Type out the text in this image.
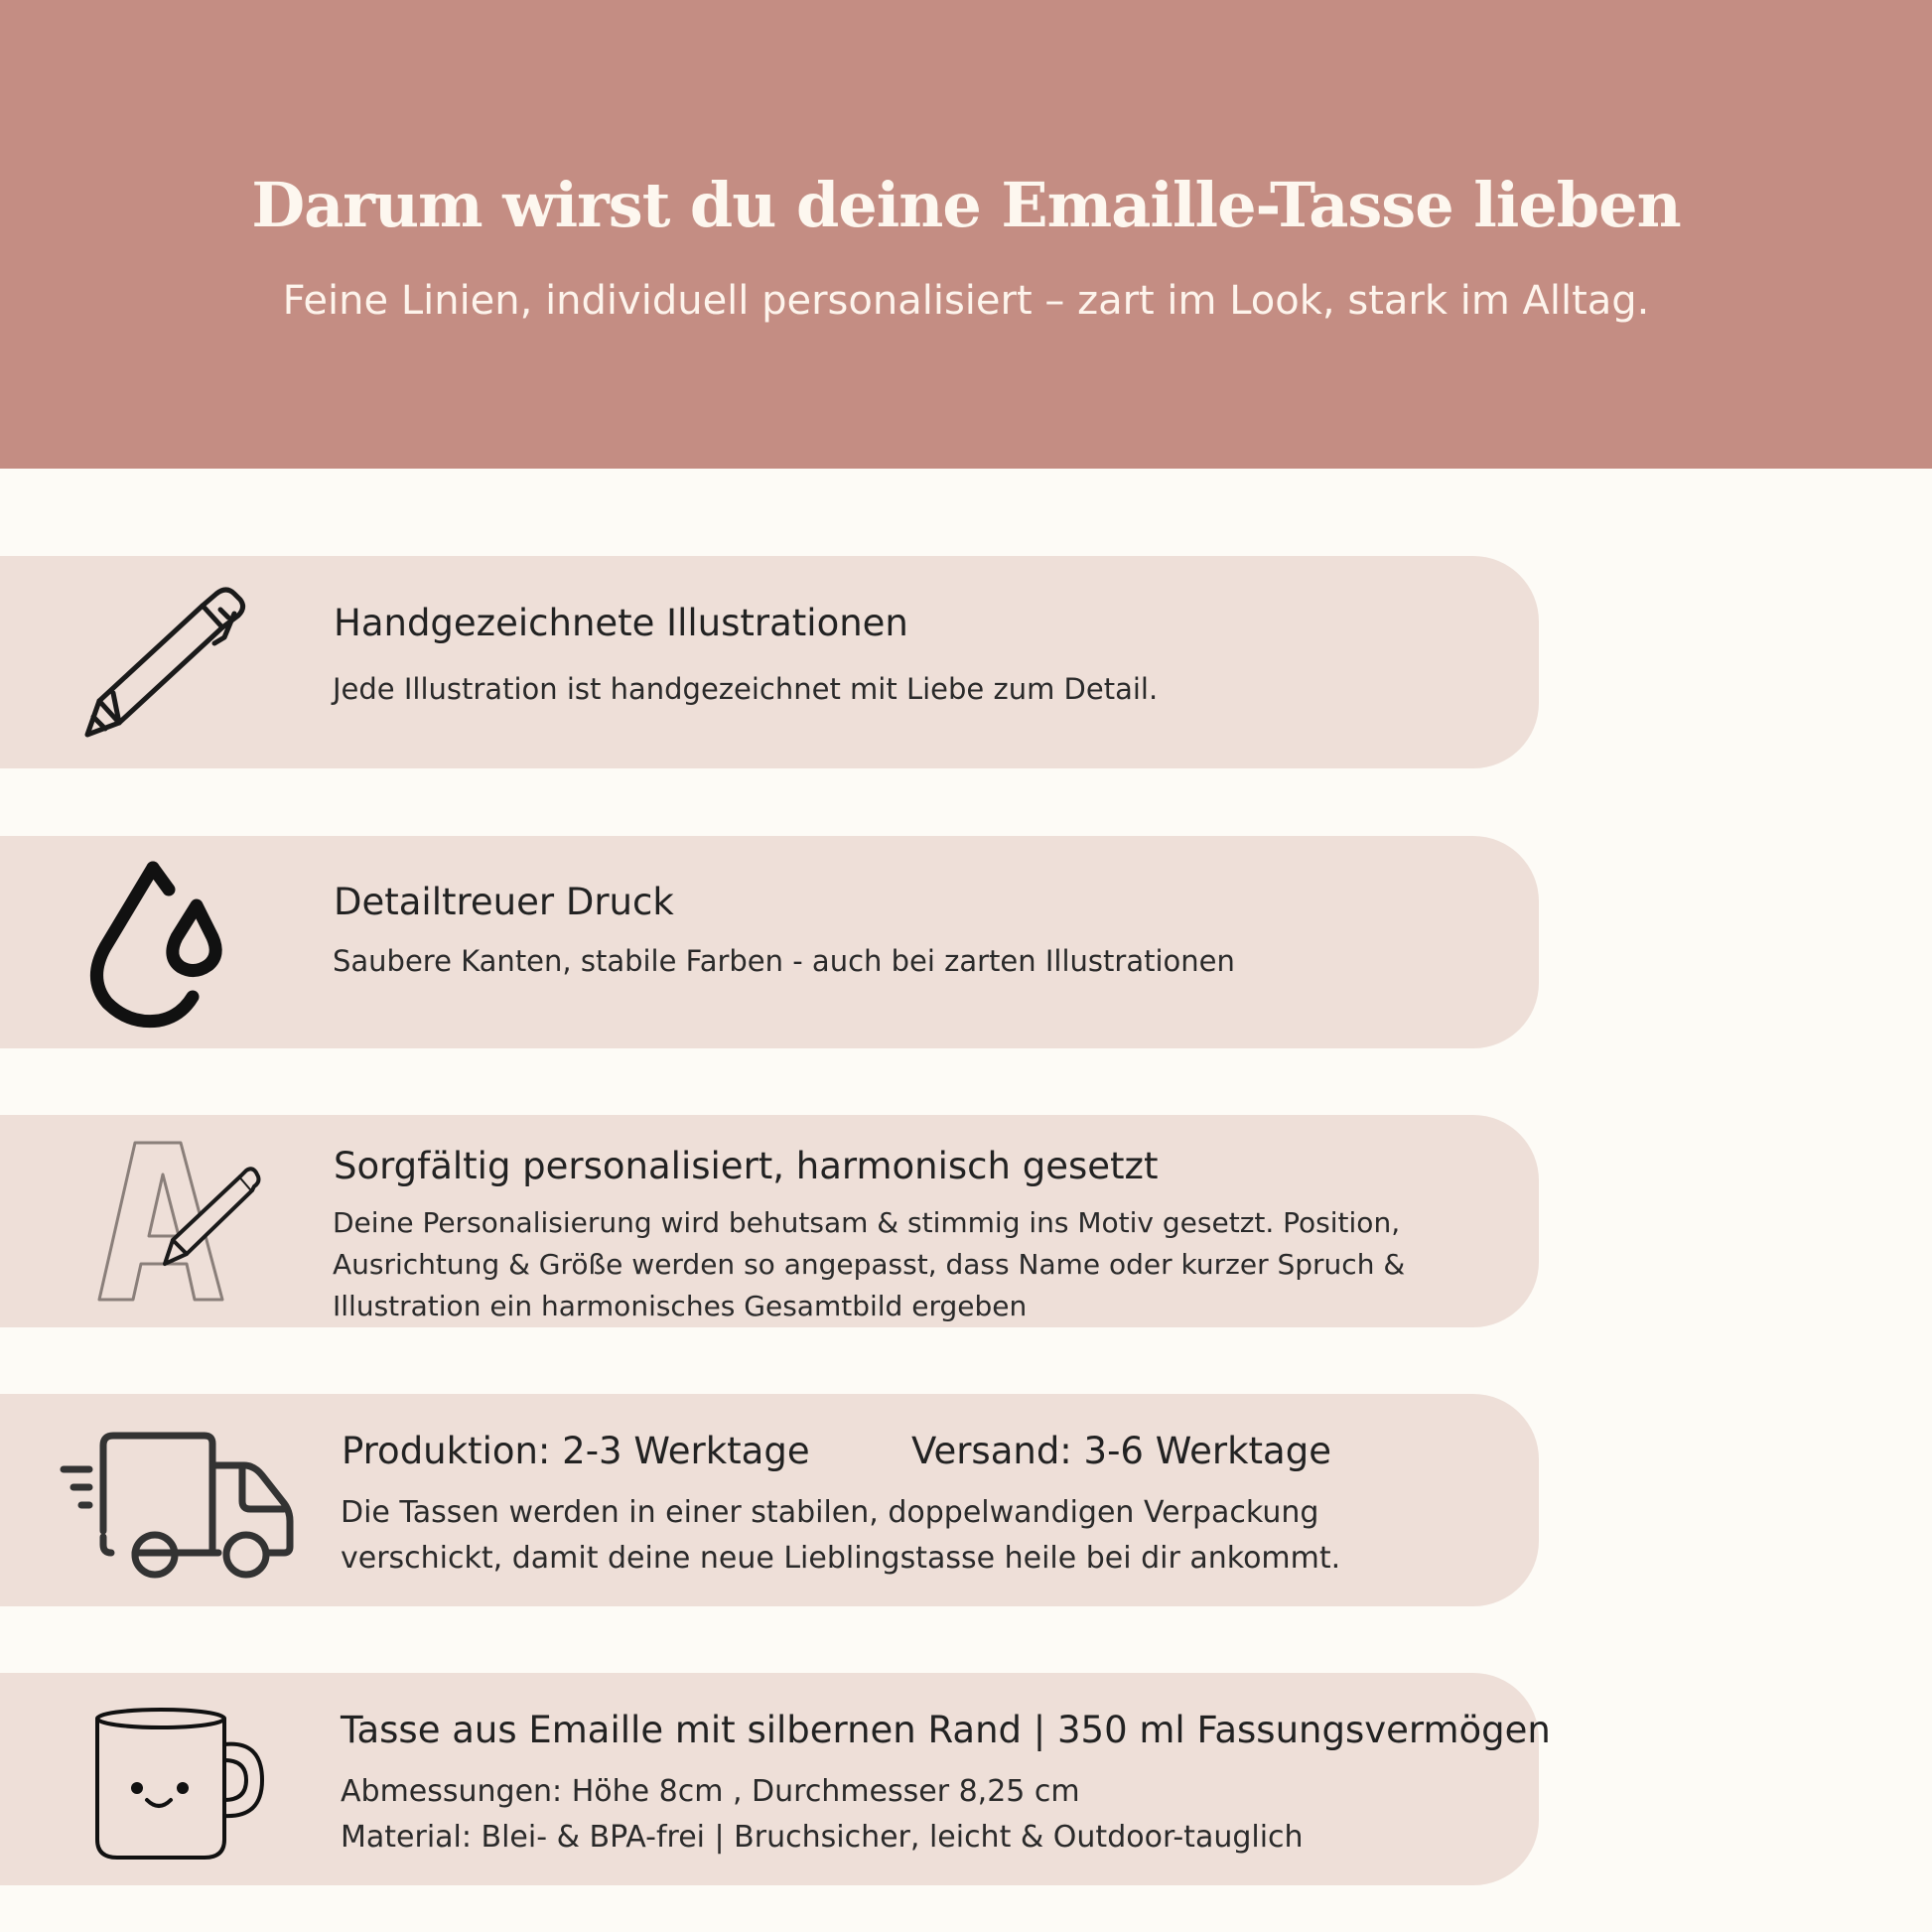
Darum wirst du deine Emaille-Tasse lieben
Feine Linien, individuell personalisiert – zart im Look, stark im Alltag.
Handgezeichnete Illustrationen
Jede Illustration ist handgezeichnet mit Liebe zum Detail.
Detailtreuer Druck
Saubere Kanten, stabile Farben - auch bei zarten Illustrationen
Sorgfältig personalisiert, harmonisch gesetzt
Deine Personalisierung wird behutsam & stimmig ins Motiv gesetzt. Position,
Ausrichtung & Größe werden so angepasst, dass Name oder kurzer Spruch &
Illustration ein harmonisches Gesamtbild ergeben
Produktion: 2-3 Werktage	Versand: 3-6 Werktage
Die Tassen werden in einer stabilen, doppelwandigen Verpackung
verschickt, damit deine neue Lieblingstasse heile bei dir ankommt.
Tasse aus Emaille mit silbernen Rand | 350 ml Fassungsvermögen
Abmessungen: Höhe 8cm , Durchmesser 8,25 cm
Material: Blei- & BPA-frei | Bruchsicher, leicht & Outdoor-tauglich
